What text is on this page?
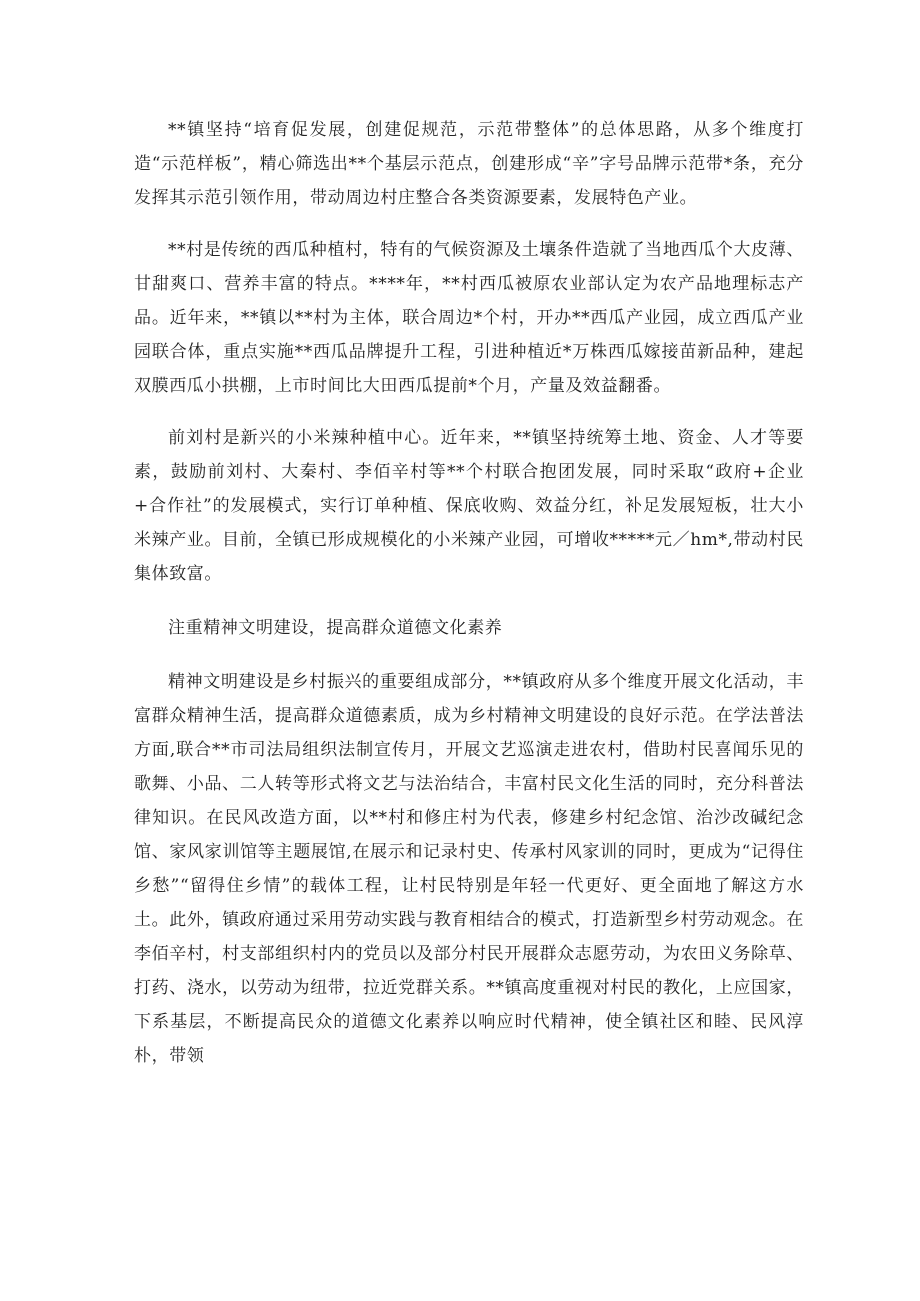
**镇坚持“培育促发展，创建促规范，示范带整体”的总体思路，从多个维度打造“示范样板”，精心筛选出**个基层示范点，创建形成“辛”字号品牌示范带*条，充分发挥其示范引领作用，带动周边村庄整合各类资源要素，发展特色产业。

**村是传统的西瓜种植村，特有的气候资源及土壤条件造就了当地西瓜个大皮薄、甘甜爽口、营养丰富的特点。****年，**村西瓜被原农业部认定为农产品地理标志产品。近年来，**镇以**村为主体，联合周边*个村，开办**西瓜产业园，成立西瓜产业园联合体，重点实施**西瓜品牌提升工程，引进种植近*万株西瓜嫁接苗新品种，建起双膜西瓜小拱棚，上市时间比大田西瓜提前*个月，产量及效益翻番。

前刘村是新兴的小米辣种植中心。近年来，**镇坚持统筹土地、资金、人才等要素，鼓励前刘村、大秦村、李佰辛村等**个村联合抱团发展，同时采取“政府+企业+合作社”的发展模式，实行订单种植、保底收购、效益分红，补足发展短板，壮大小米辣产业。目前，全镇已形成规模化的小米辣产业园，可增收*****元／hm*,带动村民集体致富。

注重精神文明建设，提高群众道德文化素养

精神文明建设是乡村振兴的重要组成部分，**镇政府从多个维度开展文化活动，丰富群众精神生活，提高群众道德素质，成为乡村精神文明建设的良好示范。在学法普法方面,联合**市司法局组织法制宣传月，开展文艺巡演走进农村，借助村民喜闻乐见的歌舞、小品、二人转等形式将文艺与法治结合，丰富村民文化生活的同时，充分科普法律知识。在民风改造方面，以**村和修庄村为代表，修建乡村纪念馆、治沙改碱纪念馆、家风家训馆等主题展馆,在展示和记录村史、传承村风家训的同时，更成为“记得住乡愁”“留得住乡情”的载体工程，让村民特别是年轻一代更好、更全面地了解这方水土。此外，镇政府通过采用劳动实践与教育相结合的模式，打造新型乡村劳动观念。在李佰辛村，村支部组织村内的党员以及部分村民开展群众志愿劳动，为农田义务除草、打药、浇水，以劳动为纽带，拉近党群关系。**镇高度重视对村民的教化，上应国家，下系基层，不断提高民众的道德文化素养以响应时代精神，使全镇社区和睦、民风淳朴，带领
